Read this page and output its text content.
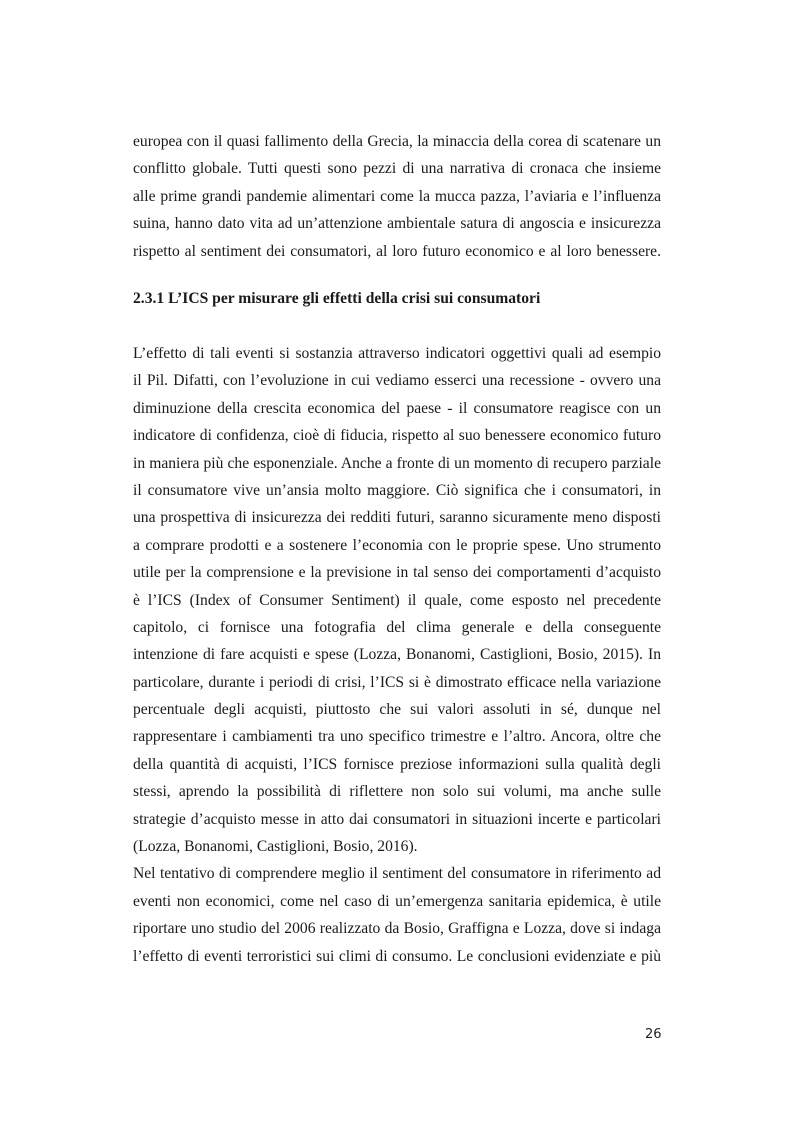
europea con il quasi fallimento della Grecia, la minaccia della corea di scatenare un
conflitto globale. Tutti questi sono pezzi di una narrativa di cronaca che insieme
alle prime grandi pandemie alimentari come la mucca pazza, l’aviaria e l’influenza
suina, hanno dato vita ad un’attenzione ambientale satura di angoscia e insicurezza
rispetto al sentiment dei consumatori, al loro futuro economico e al loro benessere.
2.3.1 L’ICS per misurare gli effetti della crisi sui consumatori
L’effetto di tali eventi si sostanzia attraverso indicatori oggettivi quali ad esempio
il Pil. Difatti, con l’evoluzione in cui vediamo esserci una recessione - ovvero una
diminuzione della crescita economica del paese - il consumatore reagisce con un
indicatore di confidenza, cioè di fiducia, rispetto al suo benessere economico futuro
in maniera più che esponenziale. Anche a fronte di un momento di recupero parziale
il consumatore vive un’ansia molto maggiore. Ciò significa che i consumatori, in
una prospettiva di insicurezza dei redditi futuri, saranno sicuramente meno disposti
a comprare prodotti e a sostenere l’economia con le proprie spese. Uno strumento
utile per la comprensione e la previsione in tal senso dei comportamenti d’acquisto
è l’ICS (Index of Consumer Sentiment) il quale, come esposto nel precedente
capitolo, ci fornisce una fotografia del clima generale e della conseguente
intenzione di fare acquisti e spese (Lozza, Bonanomi, Castiglioni, Bosio, 2015). In
particolare, durante i periodi di crisi, l’ICS si è dimostrato efficace nella variazione
percentuale degli acquisti, piuttosto che sui valori assoluti in sé, dunque nel
rappresentare i cambiamenti tra uno specifico trimestre e l’altro. Ancora, oltre che
della quantità di acquisti, l’ICS fornisce preziose informazioni sulla qualità degli
stessi, aprendo la possibilità di riflettere non solo sui volumi, ma anche sulle
strategie d’acquisto messe in atto dai consumatori in situazioni incerte e particolari
(Lozza, Bonanomi, Castiglioni, Bosio, 2016).
Nel tentativo di comprendere meglio il sentiment del consumatore in riferimento ad
eventi non economici, come nel caso di un’emergenza sanitaria epidemica, è utile
riportare uno studio del 2006 realizzato da Bosio, Graffigna e Lozza, dove si indaga
l’effetto di eventi terroristici sui climi di consumo. Le conclusioni evidenziate e più
26
